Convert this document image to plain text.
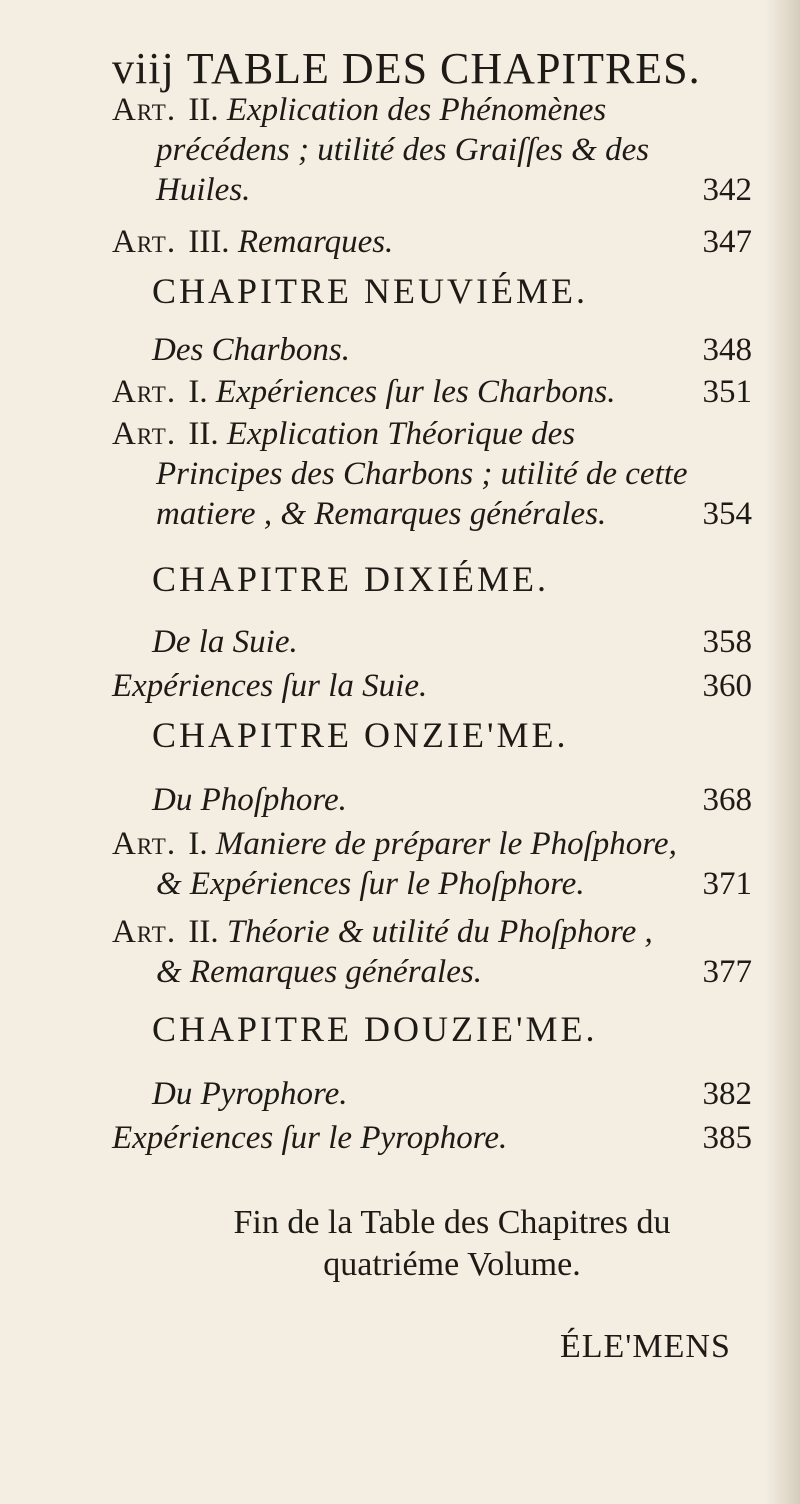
viij TABLE DES CHAPITRES.
Art. II. Explication des Phénomènes
précédens ; utilité des Graiſſes & des
Huiles.	342
Art. III. Remarques.	347
CHAPITRE NEUVIÉME.
Des Charbons.	348
Art. I. Expériences ſur les Charbons.	351
Art. II. Explication Théorique des
Principes des Charbons ; utilité de cette
matiere , & Remarques générales.	354
CHAPITRE DIXIÉME.
De la Suie.	358
Expériences ſur la Suie.	360
CHAPITRE ONZIE'ME.
Du Phoſphore.	368
Art. I. Maniere de préparer le Phoſphore,
& Expériences ſur le Phoſphore.	371
Art. II. Théorie & utilité du Phoſphore ,
& Remarques générales.	377
CHAPITRE DOUZIE'ME.
Du Pyrophore.	382
Expériences ſur le Pyrophore.	385
Fin de la Table des Chapitres du
quatriéme Volume.
ÉLE'MENS
